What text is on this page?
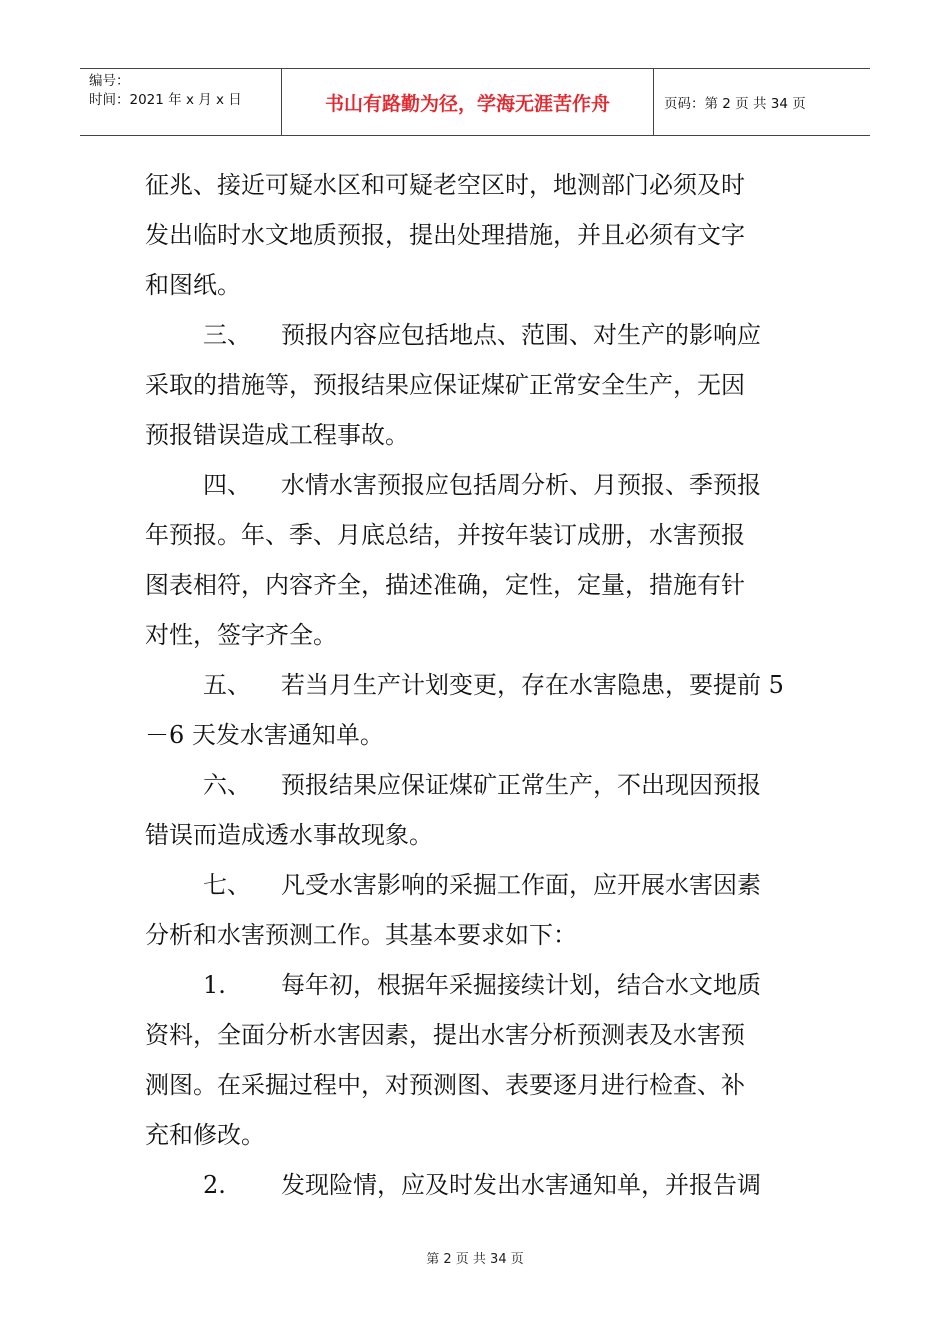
编号：
时间：2021 年 x 月 x 日	书山有路勤为径，学海无涯苦作舟	页码：第 2 页 共 34 页
征兆、接近可疑水区和可疑老空区时，地测部门必须及时
发出临时水文地质预报，提出处理措施，并且必须有文字
和图纸。
三、 预报内容应包括地点、范围、对生产的影响应
采取的措施等，预报结果应保证煤矿正常安全生产，无因
预报错误造成工程事故。
四、 水情水害预报应包括周分析、月预报、季预报
年预报。年、季、月底总结，并按年装订成册，水害预报
图表相符，内容齐全，描述准确，定性，定量，措施有针
对性，签字齐全。
五、 若当月生产计划变更，存在水害隐患，要提前 5
－6 天发水害通知单。
六、 预报结果应保证煤矿正常生产，不出现因预报
错误而造成透水事故现象。
七、 凡受水害影响的采掘工作面，应开展水害因素
分析和水害预测工作。其基本要求如下：
1. 每年初，根据年采掘接续计划，结合水文地质
资料，全面分析水害因素，提出水害分析预测表及水害预
测图。在采掘过程中，对预测图、表要逐月进行检查、补
充和修改。
2. 发现险情，应及时发出水害通知单，并报告调
第 2 页 共 34 页
